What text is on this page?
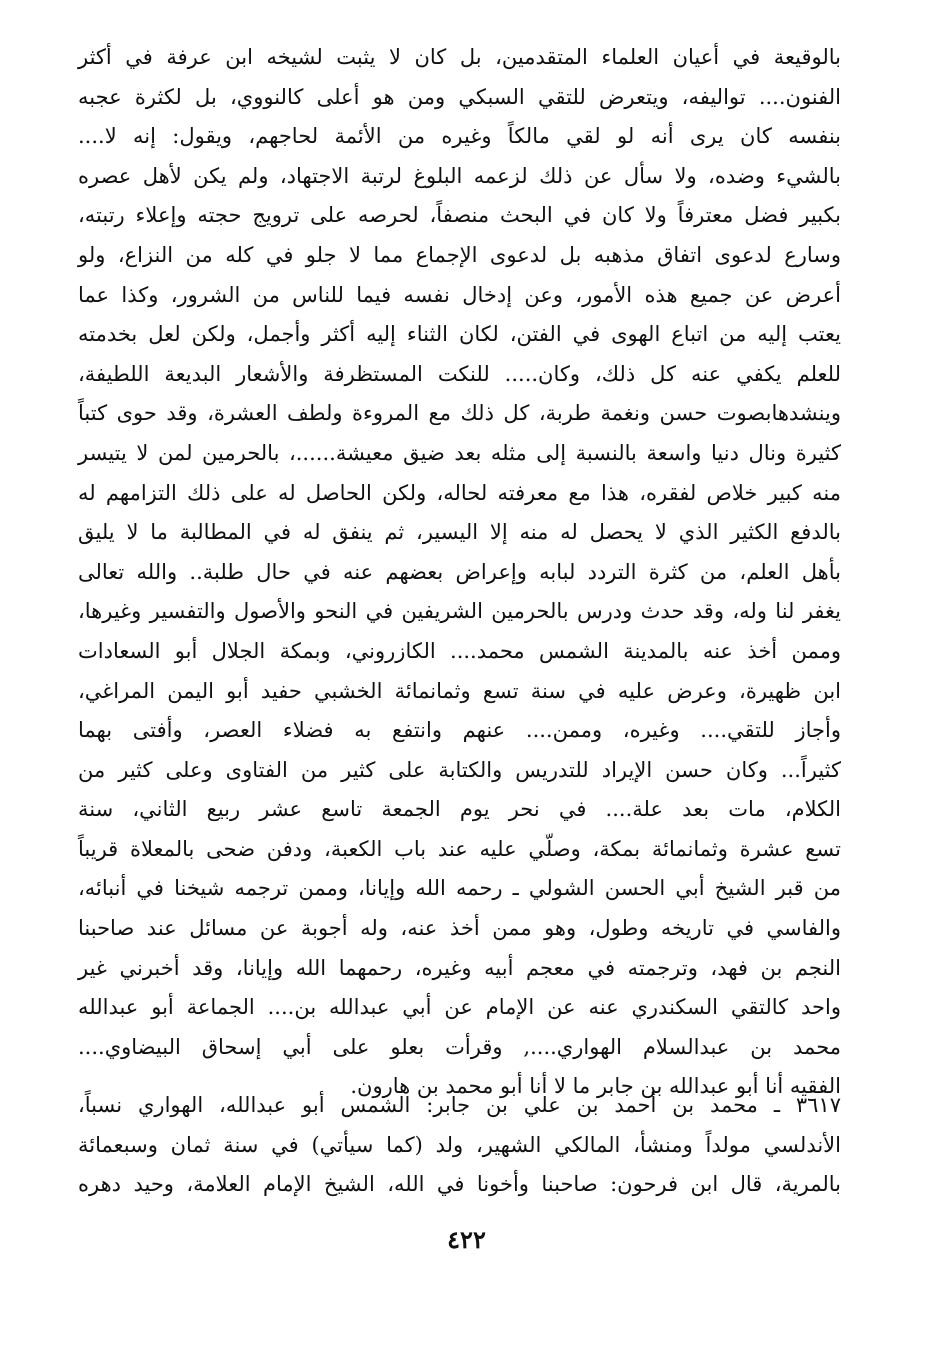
بالوقيعة في أعيان العلماء المتقدمين، بل كان لا يثبت لشيخه ابن عرفة في أكثر
الفنون.... تواليفه، ويتعرض للتقي السبكي ومن هو أعلى كالنووي، بل لكثرة عجبه
بنفسه كان يرى أنه لو لقي مالكاً وغيره من الأئمة لحاجهم، ويقول: إنه لا....
بالشيء وضده، ولا سأل عن ذلك لزعمه البلوغ لرتبة الاجتهاد، ولم يكن لأهل عصره
بكبير فضل معترفاً ولا كان في البحث منصفاً، لحرصه على ترويج حجته وإعلاء رتبته،
وسارع لدعوى اتفاق مذهبه بل لدعوى الإجماع مما لا جلو في كله من النزاع، ولو
أعرض عن جميع هذه الأمور، وعن إدخال نفسه فيما للناس من الشرور، وكذا عما
يعتب إليه من اتباع الهوى في الفتن، لكان الثناء إليه أكثر وأجمل، ولكن لعل بخدمته
للعلم يكفي عنه كل ذلك، وكان..... للنكت المستظرفة والأشعار البديعة اللطيفة،
وينشدهابصوت حسن ونغمة طربة، كل ذلك مع المروءة ولطف العشرة، وقد حوى كتباً
كثيرة ونال دنيا واسعة بالنسبة إلى مثله بعد ضيق معيشة......، بالحرمين لمن لا يتيسر
منه كبير خلاص لفقره، هذا مع معرفته لحاله، ولكن الحاصل له على ذلك التزامهم له
بالدفع الكثير الذي لا يحصل له منه إلا اليسير، ثم ينفق له في المطالبة ما لا يليق
بأهل العلم، من كثرة التردد لبابه وإعراض بعضهم عنه في حال طلبة.. والله تعالى
يغفر لنا وله، وقد حدث ودرس بالحرمين الشريفين في النحو والأصول والتفسير وغيرها،
وممن أخذ عنه بالمدينة الشمس محمد.... الكازروني، وبمكة الجلال أبو السعادات
ابن ظهيرة، وعرض عليه في سنة تسع وثمانمائة الخشبي حفيد أبو اليمن المراغي،
وأجاز للتقي.... وغيره، وممن.... عنهم وانتفع به فضلاء العصر، وأفتى بهما
كثيراً... وكان حسن الإيراد للتدريس والكتابة على كثير من الفتاوى وعلى كثير من
الكلام، مات بعد علة.... في نحر يوم الجمعة تاسع عشر ربيع الثاني، سنة
تسع عشرة وثمانمائة بمكة، وصلّي عليه عند باب الكعبة، ودفن ضحى بالمعلاة قريباً
من قبر الشيخ أبي الحسن الشولي ـ رحمه الله وإيانا، وممن ترجمه شيخنا في أنبائه،
والفاسي في تاريخه وطول، وهو ممن أخذ عنه، وله أجوبة عن مسائل عند صاحبنا
النجم بن فهد، وترجمته في معجم أبيه وغيره، رحمهما الله وإيانا، وقد أخبرني غير
واحد كالتقي السكندري عنه عن الإمام عن أبي عبدالله بن.... الجماعة أبو عبدالله
محمد بن عبدالسلام الهواري...., وقرأت بعلو على أبي إسحاق البيضاوي....
الفقيه أنا أبو عبدالله بن جابر ما لا أنا أبو محمد بن هارون.
٣٦١٧ ـ محمد بن أحمد بن علي بن جابر: الشمس أبو عبدالله، الهواري نسباً،
الأندلسي مولداً ومنشأ، المالكي الشهير، ولد (كما سيأتي) في سنة ثمان وسبعمائة
بالمرية، قال ابن فرحون: صاحبنا وأخونا في الله، الشيخ الإمام العلامة، وحيد دهره
٤٢٢
